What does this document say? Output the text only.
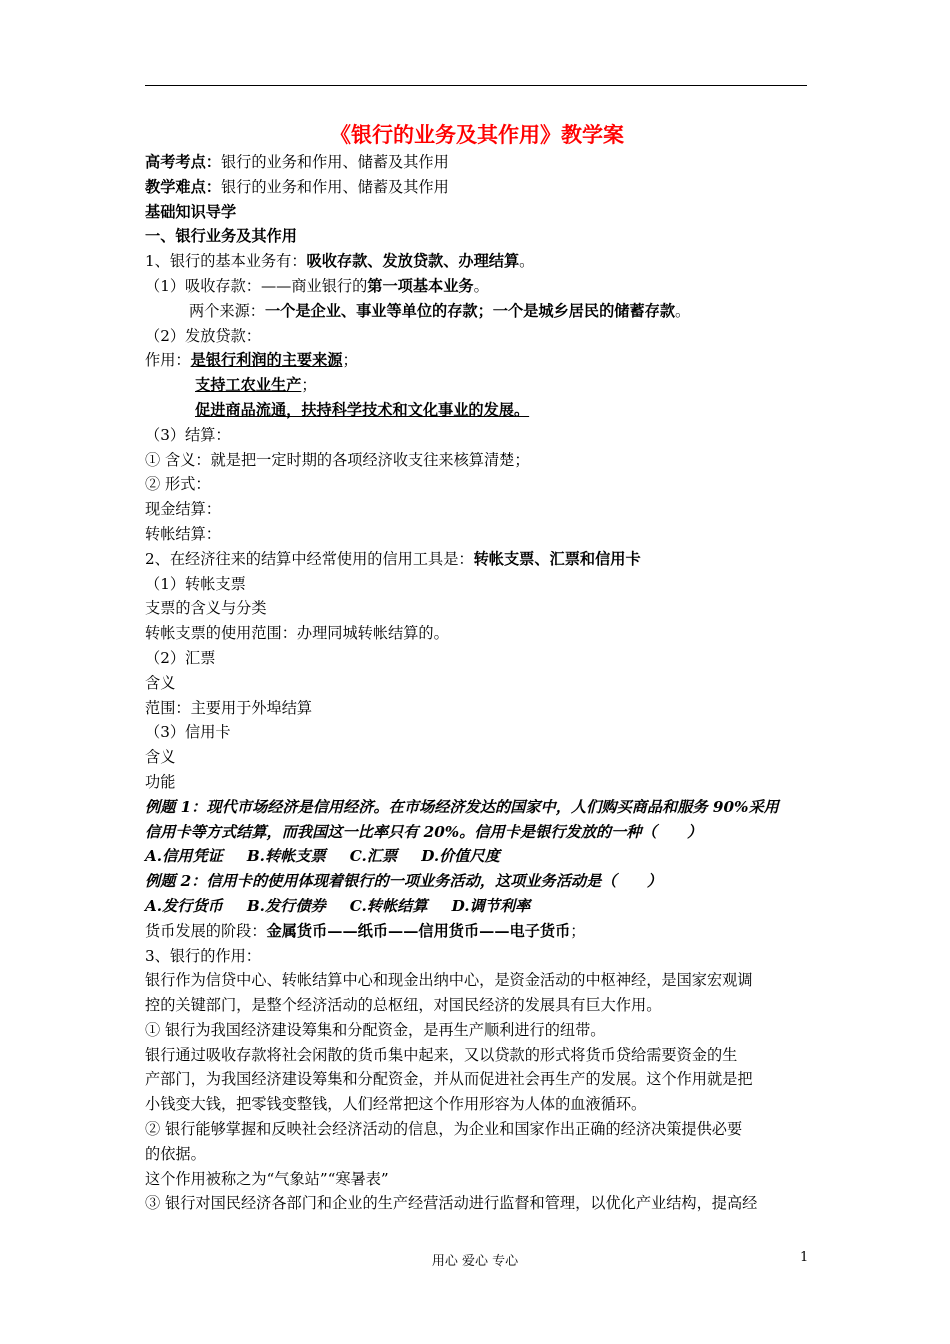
《银行的业务及其作用》教学案
高考考点：银行的业务和作用、储蓄及其作用
教学难点：银行的业务和作用、储蓄及其作用
基础知识导学
一、银行业务及其作用
1、银行的基本业务有：吸收存款、发放贷款、办理结算。
（1）吸收存款：——商业银行的第一项基本业务。
两个来源：一个是企业、事业等单位的存款；一个是城乡居民的储蓄存款。
（2）发放贷款：
作用：是银行利润的主要来源；
支持工农业生产；
促进商品流通，扶持科学技术和文化事业的发展。
（3）结算：
① 含义：就是把一定时期的各项经济收支往来核算清楚；
② 形式：
现金结算：
转帐结算：
2、在经济往来的结算中经常使用的信用工具是：转帐支票、汇票和信用卡
（1）转帐支票
支票的含义与分类
转帐支票的使用范围：办理同城转帐结算的。
（2）汇票
含义
范围：主要用于外埠结算
（3）信用卡
含义
功能
例题 1：现代市场经济是信用经济。在市场经济发达的国家中，人们购买商品和服务 90%采用
信用卡等方式结算，而我国这一比率只有 20%。信用卡是银行发放的一种（　　）
A.信用凭证 B.转帐支票 C.汇票 D.价值尺度
例题 2：信用卡的使用体现着银行的一项业务活动，这项业务活动是（　　）
A.发行货币 B.发行债券 C.转帐结算 D.调节利率
货币发展的阶段：金属货币——纸币——信用货币——电子货币；
3、银行的作用：
银行作为信贷中心、转帐结算中心和现金出纳中心，是资金活动的中枢神经，是国家宏观调
控的关键部门，是整个经济活动的总枢纽，对国民经济的发展具有巨大作用。
① 银行为我国经济建设筹集和分配资金，是再生产顺利进行的纽带。
银行通过吸收存款将社会闲散的货币集中起来，又以贷款的形式将货币贷给需要资金的生
产部门，为我国经济建设筹集和分配资金，并从而促进社会再生产的发展。这个作用就是把
小钱变大钱，把零钱变整钱，人们经常把这个作用形容为人体的血液循环。
② 银行能够掌握和反映社会经济活动的信息，为企业和国家作出正确的经济决策提供必要
的依据。
这个作用被称之为“气象站”“寒暑表”
③ 银行对国民经济各部门和企业的生产经营活动进行监督和管理，以优化产业结构，提高经
用心 爱心 专心	1
